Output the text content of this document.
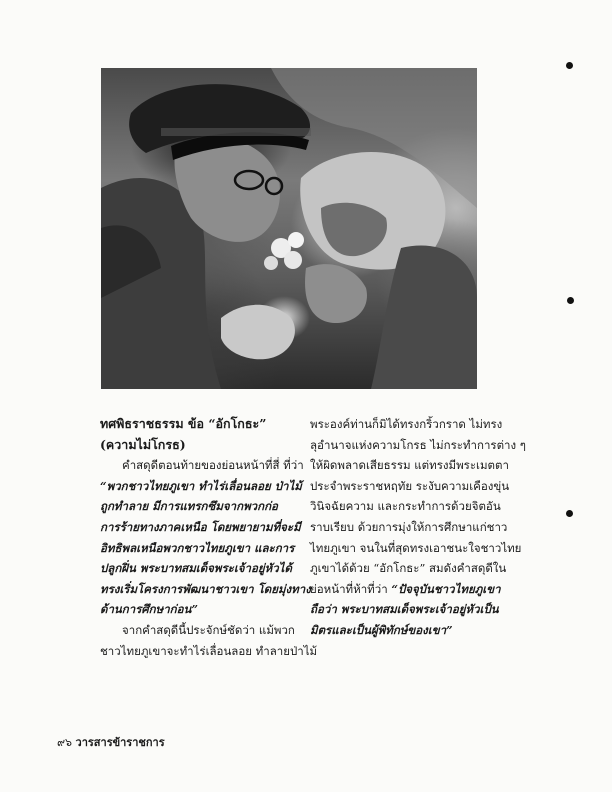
ทศพิธราชธรรม ข้อ “อักโกธะ”
(ความไม่โกรธ)
คำสดุดีตอนท้ายของย่อนหน้าที่สี่ ที่ว่า
“พวกชาวไทยภูเขา ทำไร่เลื่อนลอย ป่าไม้
ถูกทำลาย มีการแทรกซึมจากพวกก่อ
การร้ายทางภาคเหนือ โดยพยายามที่จะมี
อิทธิพลเหนือพวกชาวไทยภูเขา และการ
ปลูกฝิ่น พระบาทสมเด็จพระเจ้าอยู่หัวได้
ทรงเริ่มโครงการพัฒนาชาวเขา โดยมุ่งทาง
ด้านการศึกษาก่อน”
จากคำสดุดีนี้ประจักษ์ชัดว่า แม้พวก
ชาวไทยภูเขาจะทำไร่เลื่อนลอย ทำลายป่าไม้
พระองค์ท่านก็มิได้ทรงกริ้วกราด ไม่ทรง
ลุอำนาจแห่งความโกรธ ไม่กระทำการต่าง ๆ
ให้ผิดพลาดเสียธรรม แต่ทรงมีพระเมตตา
ประจำพระราชหฤทัย ระงับความเคืองขุ่น
วินิจฉัยความ และกระทำการด้วยจิตอัน
ราบเรียบ ด้วยการมุ่งให้การศึกษาแก่ชาว
ไทยภูเขา จนในที่สุดทรงเอาชนะใจชาวไทย
ภูเขาได้ด้วย “อักโกธะ” สมดังคำสดุดีใน
ย่อหน้าที่ห้าที่ว่า “ปัจจุบันชาวไทยภูเขา
ถือว่า พระบาทสมเด็จพระเจ้าอยู่หัวเป็น
มิตรและเป็นผู้พิทักษ์ของเขา”
๙๖ วารสารข้าราชการ
